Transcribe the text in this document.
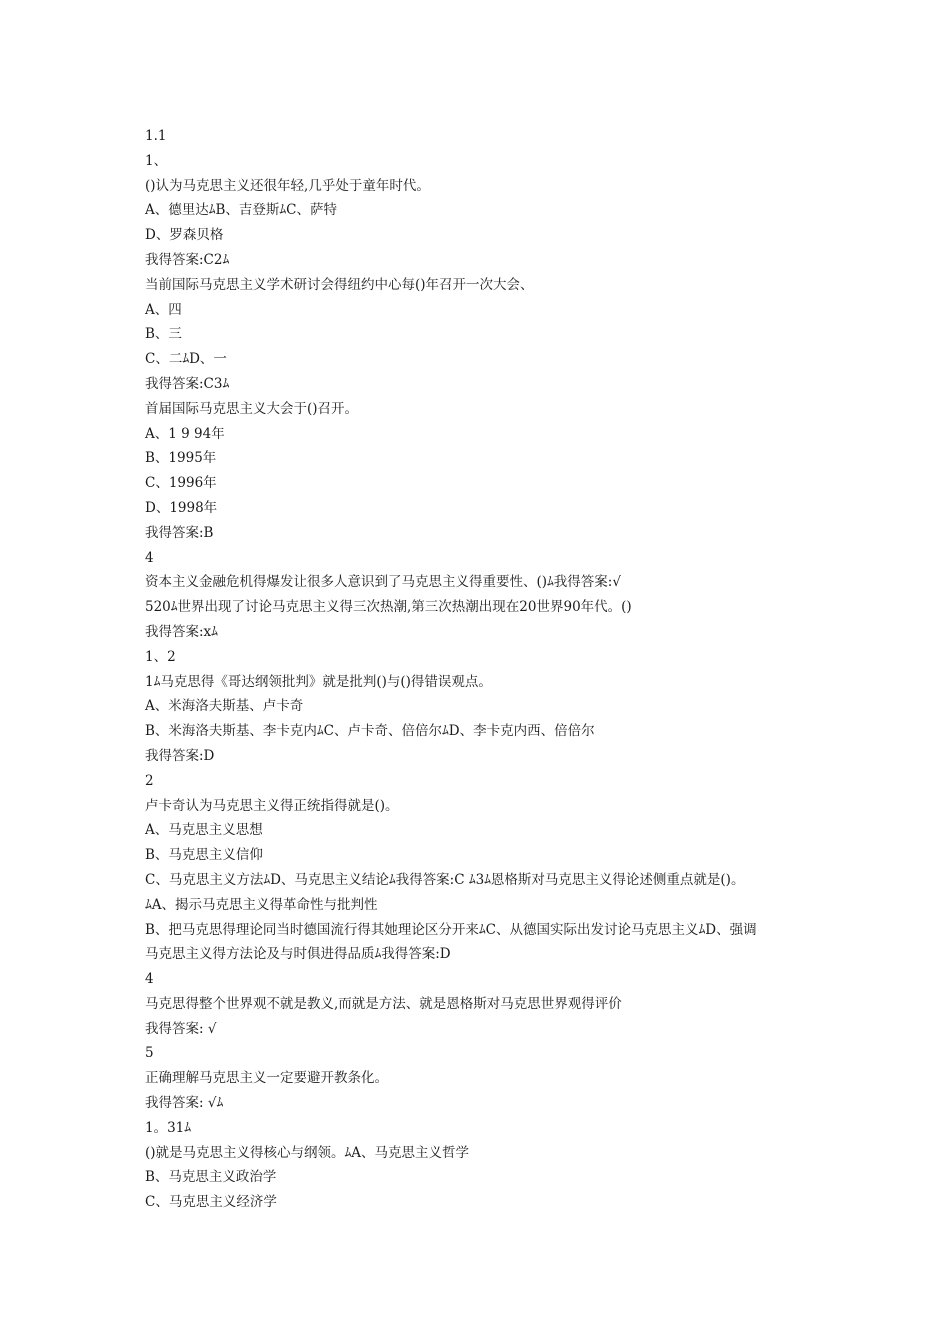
1.1
1、
()认为马克思主义还很年轻,几乎处于童年时代。
A、德里达ﾑB、吉登斯ﾑC、萨特
D、罗森贝格
我得答案:C2ﾑ
当前国际马克思主义学术研讨会得纽约中心每()年召开一次大会、
A、四
B、三
C、二ﾑD、一
我得答案:C3ﾑ
首届国际马克思主义大会于()召开。
A、1 9 94年
B、1995年
C、1996年
D、1998年
我得答案:B
4
资本主义金融危机得爆发让很多人意识到了马克思主义得重要性、()ﾑ我得答案:√
520ﾑ世界出现了讨论马克思主义得三次热潮,第三次热潮出现在20世界90年代。()
我得答案:xﾑ
1、2
1ﾑ马克思得《哥达纲领批判》就是批判()与()得错误观点。
A、米海洛夫斯基、卢卡奇
B、米海洛夫斯基、李卡克内ﾑC、卢卡奇、倍倍尔ﾑD、李卡克内西、倍倍尔
我得答案:D
2
卢卡奇认为马克思主义得正统指得就是()。
A、马克思主义思想
B、马克思主义信仰
C、马克思主义方法ﾑD、马克思主义结论ﾑ我得答案:C ﾑ3ﾑ恩格斯对马克思主义得论述侧重点就是()。
ﾑA、揭示马克思主义得革命性与批判性
B、把马克思得理论同当时德国流行得其她理论区分开来ﾑC、从德国实际出发讨论马克思主义ﾑD、强调
马克思主义得方法论及与时俱进得品质ﾑ我得答案:D
4
马克思得整个世界观不就是教义,而就是方法、就是恩格斯对马克思世界观得评价
我得答案: √
5
正确理解马克思主义一定要避开教条化。
我得答案: √ﾑ
1。31ﾑ
()就是马克思主义得核心与纲领。ﾑA、马克思主义哲学
B、马克思主义政治学
C、马克思主义经济学
